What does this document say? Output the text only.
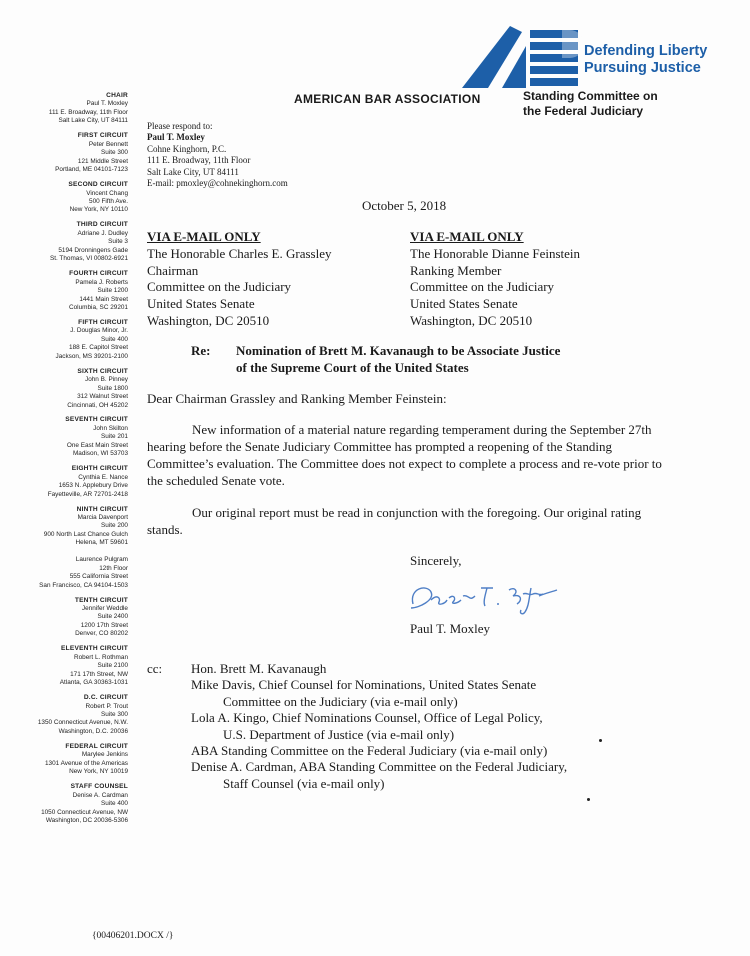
AMERICAN BAR ASSOCIATION
Defending Liberty
Pursuing Justice
Standing Committee on
the Federal Judiciary
CHAIR
Paul T. Moxley
111 E. Broadway, 11th Floor
Salt Lake City, UT 84111
FIRST CIRCUIT
Peter Bennett
Suite 300
121 Middle Street
Portland, ME 04101-7123
SECOND CIRCUIT
Vincent Chang
500 Fifth Ave.
New York, NY 10110
THIRD CIRCUIT
Adriane J. Dudley
Suite 3
5194 Dronningens Gade
St. Thomas, VI 00802-6921
FOURTH CIRCUIT
Pamela J. Roberts
Suite 1200
1441 Main Street
Columbia, SC 29201
FIFTH CIRCUIT
J. Douglas Minor, Jr.
Suite 400
188 E. Capitol Street
Jackson, MS 39201-2100
SIXTH CIRCUIT
John B. Pinney
Suite 1800
312 Walnut Street
Cincinnati, OH 45202
SEVENTH CIRCUIT
John Skilton
Suite 201
One East Main Street
Madison, WI 53703
EIGHTH CIRCUIT
Cynthia E. Nance
1653 N. Applebury Drive
Fayetteville, AR 72701-2418
NINTH CIRCUIT
Marcia Davenport
Suite 200
900 North Last Chance Gulch
Helena, MT 59601

Laurence Pulgram
12th Floor
555 California Street
San Francisco, CA 94104-1503
TENTH CIRCUIT
Jennifer Weddle
Suite 2400
1200 17th Street
Denver, CO 80202
ELEVENTH CIRCUIT
Robert L. Rothman
Suite 2100
171 17th Street, NW
Atlanta, GA 30363-1031
D.C. CIRCUIT
Robert P. Trout
Suite 300
1350 Connecticut Avenue, N.W.
Washington, D.C. 20036
FEDERAL CIRCUIT
Marylee Jenkins
1301 Avenue of the Americas
New York, NY 10019
STAFF COUNSEL
Denise A. Cardman
Suite 400
1050 Connecticut Avenue, NW
Washington, DC 20036-5306
Please respond to:
Paul T. Moxley
Cohne Kinghorn, P.C.
111 E. Broadway, 11th Floor
Salt Lake City, UT 84111
E-mail: pmoxley@cohnekinghorn.com
October 5, 2018
VIA E-MAIL ONLY
The Honorable Charles E. Grassley
Chairman
Committee on the Judiciary
United States Senate
Washington, DC 20510
VIA E-MAIL ONLY
The Honorable Dianne Feinstein
Ranking Member
Committee on the Judiciary
United States Senate
Washington, DC 20510
Re: Nomination of Brett M. Kavanaugh to be Associate Justice
of the Supreme Court of the United States
Dear Chairman Grassley and Ranking Member Feinstein:
New information of a material nature regarding temperament during the September 27th hearing before the Senate Judiciary Committee has prompted a reopening of the Standing Committee’s evaluation. The Committee does not expect to complete a process and re-vote prior to the scheduled Senate vote.
Our original report must be read in conjunction with the foregoing. Our original rating stands.
Sincerely,
Paul T. Moxley
cc: Hon. Brett M. Kavanaugh
Mike Davis, Chief Counsel for Nominations, United States Senate
Committee on the Judiciary (via e-mail only)
Lola A. Kingo, Chief Nominations Counsel, Office of Legal Policy,
U.S. Department of Justice (via e-mail only)
ABA Standing Committee on the Federal Judiciary (via e-mail only)
Denise A. Cardman, ABA Standing Committee on the Federal Judiciary,
Staff Counsel (via e-mail only)
{00406201.DOCX /}
